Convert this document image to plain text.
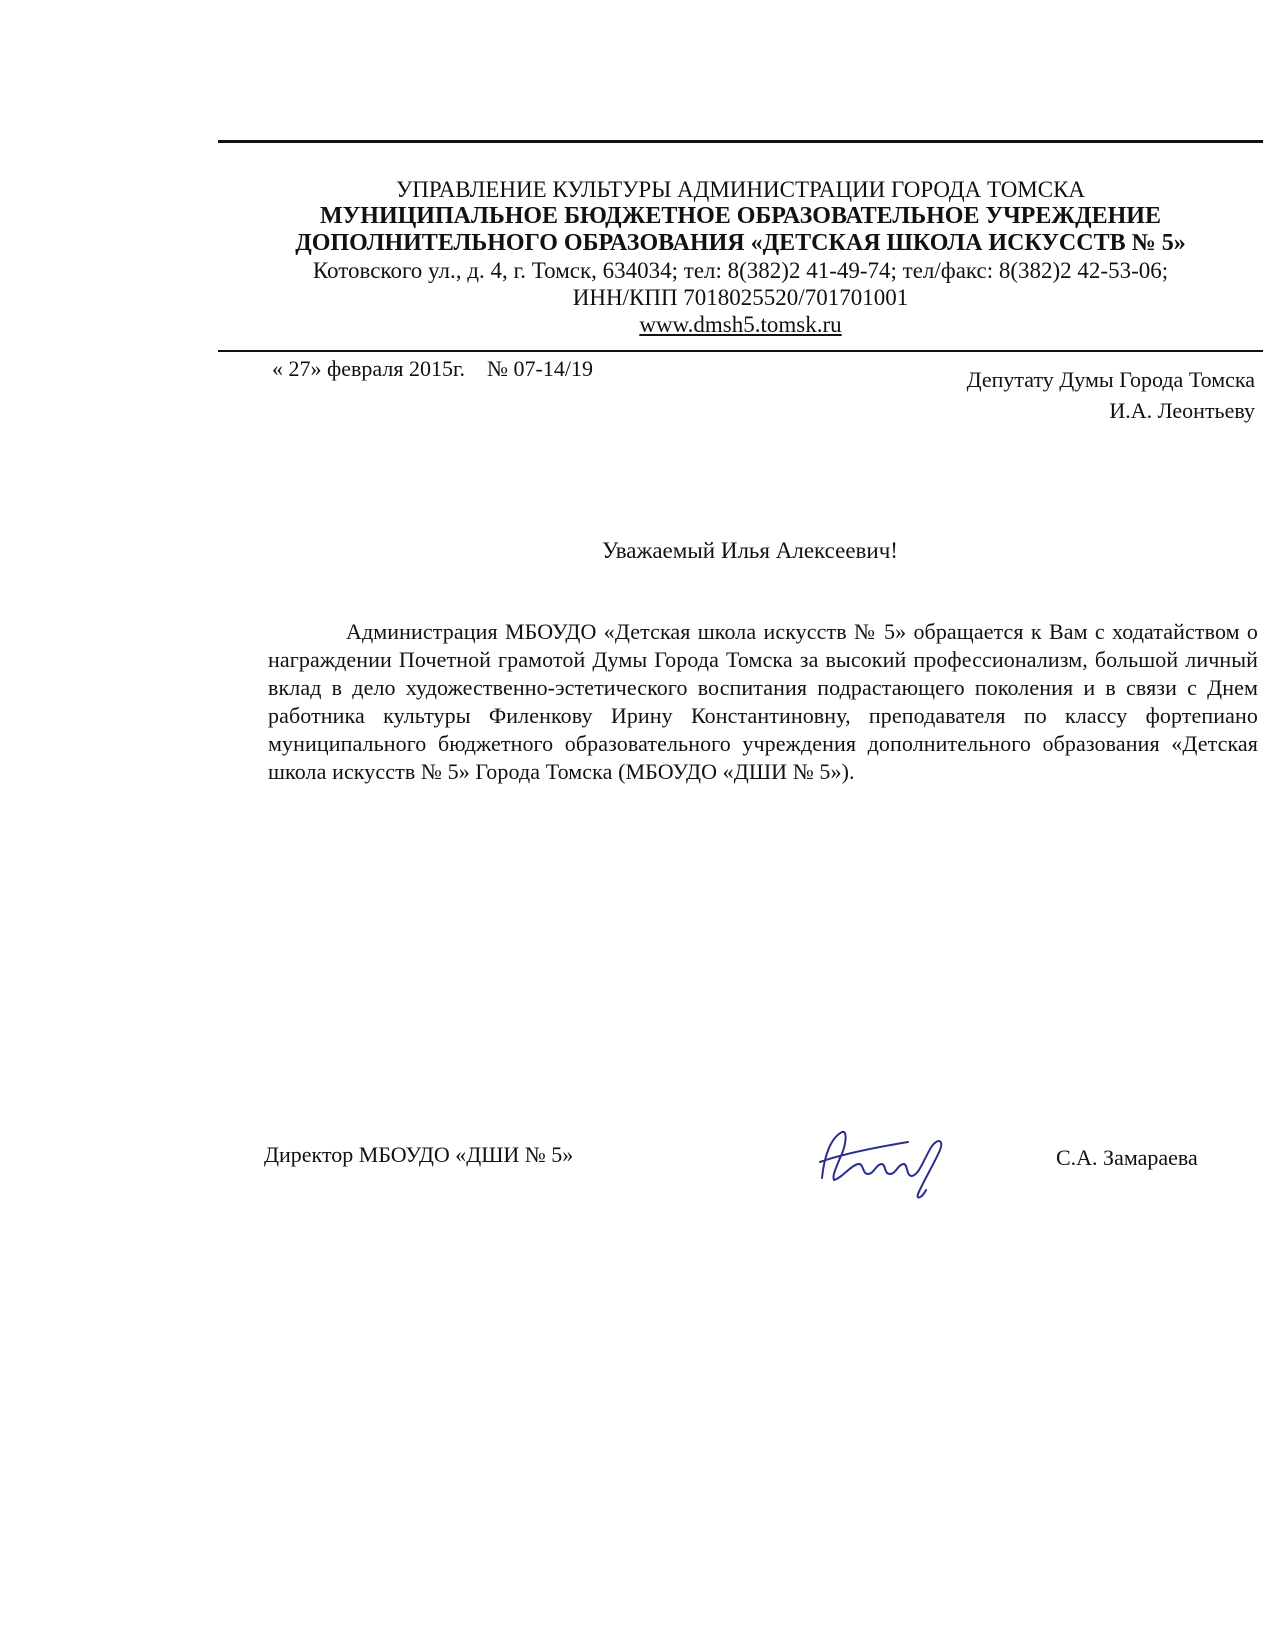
УПРАВЛЕНИЕ КУЛЬТУРЫ АДМИНИСТРАЦИИ ГОРОДА ТОМСКА
МУНИЦИПАЛЬНОЕ БЮДЖЕТНОЕ ОБРАЗОВАТЕЛЬНОЕ УЧРЕЖДЕНИЕ
ДОПОЛНИТЕЛЬНОГО ОБРАЗОВАНИЯ «ДЕТСКАЯ ШКОЛА ИСКУССТВ № 5»
Котовского ул., д. 4, г. Томск, 634034; тел: 8(382)2 41-49-74; тел/факс: 8(382)2 42-53-06;
ИНН/КПП 7018025520/701701001
www.dmsh5.tomsk.ru
« 27» февраля 2015г. № 07-14/19	Депутату Думы Города Томска
И.А. Леонтьеву
Уважаемый Илья Алексеевич!
Администрация МБОУДО «Детская школа искусств № 5» обращается к Вам с ходатайством о награждении Почетной грамотой Думы Города Томска за высокий профессионализм, большой личный вклад в дело художественно-эстетического воспитания подрастающего поколения и в связи с Днем работника культуры Филенкову Ирину Константиновну, преподавателя по классу фортепиано муниципального бюджетного образовательного учреждения дополнительного образования «Детская школа искусств № 5» Города Томска (МБОУДО «ДШИ № 5»).
Директор МБОУДО «ДШИ № 5»	С.А. Замараева
